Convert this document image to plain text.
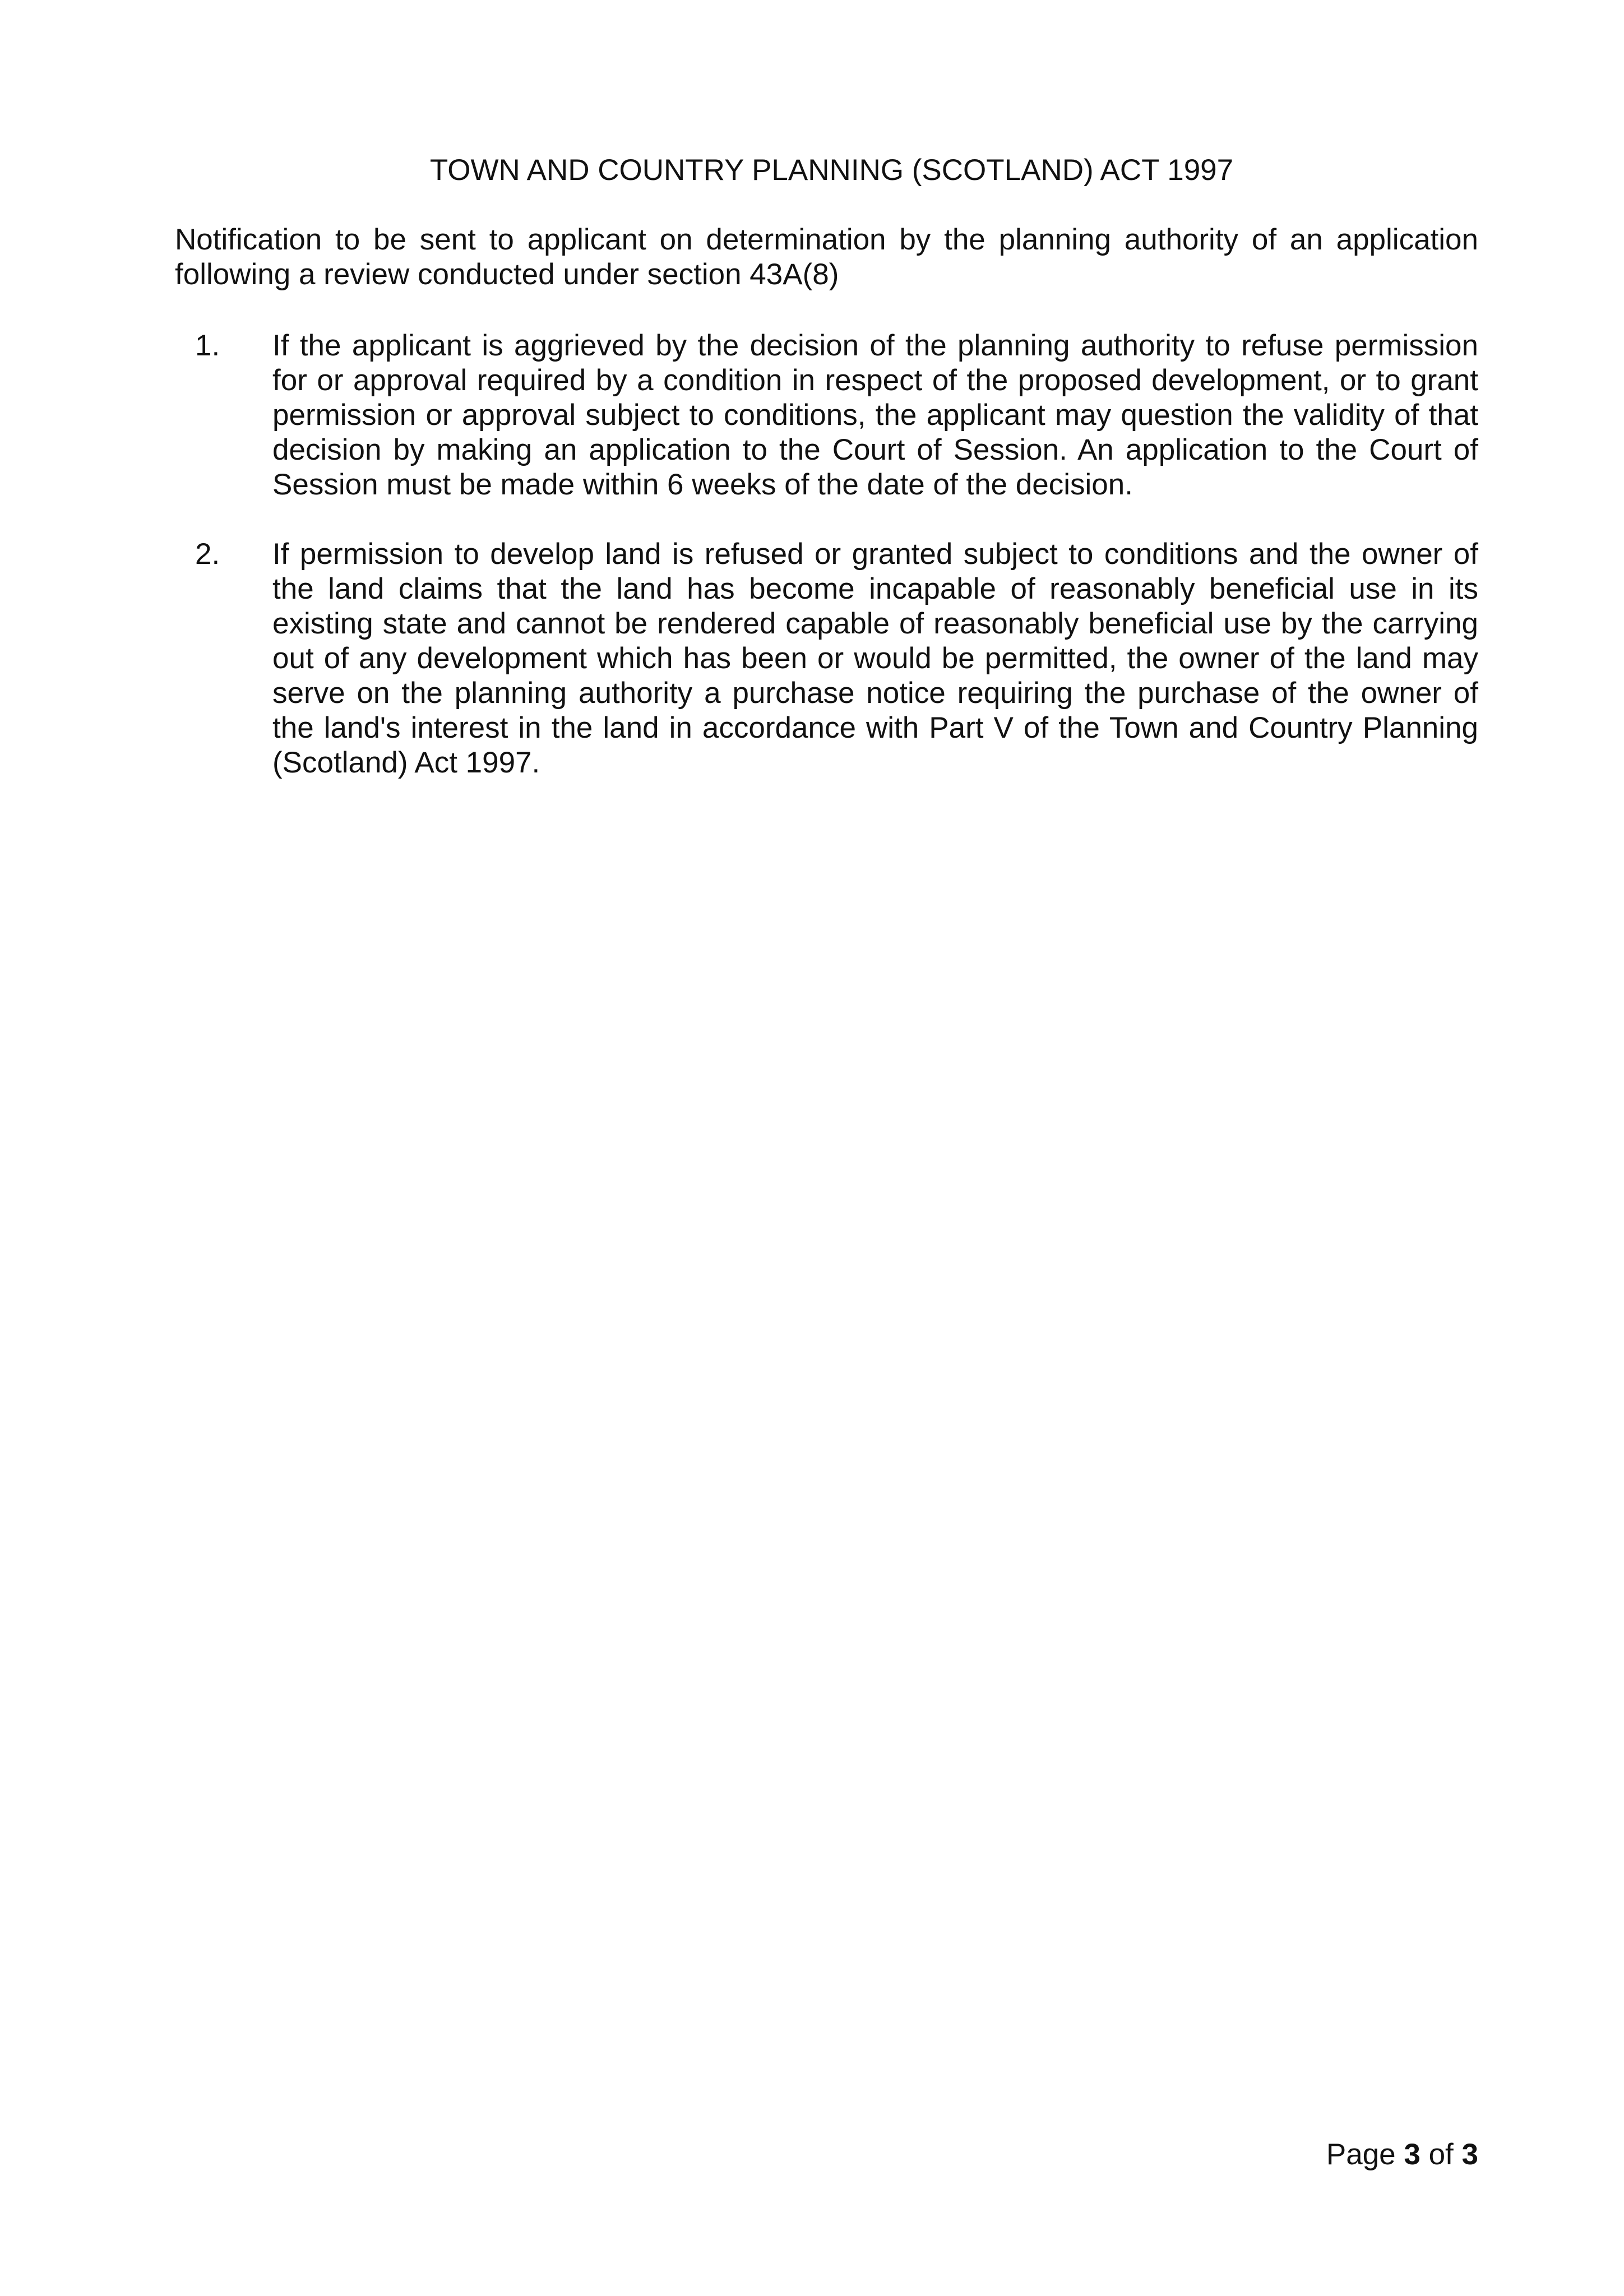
TOWN AND COUNTRY PLANNING (SCOTLAND) ACT 1997

Notification to be sent to applicant on determination by the planning authority of an application following a review conducted under section 43A(8)

1. If the applicant is aggrieved by the decision of the planning authority to refuse permission for or approval required by a condition in respect of the proposed development, or to grant permission or approval subject to conditions, the applicant may question the validity of that decision by making an application to the Court of Session. An application to the Court of Session must be made within 6 weeks of the date of the decision.
2. If permission to develop land is refused or granted subject to conditions and the owner of the land claims that the land has become incapable of reasonably beneficial use in its existing state and cannot be rendered capable of reasonably beneficial use by the carrying out of any development which has been or would be permitted, the owner of the land may serve on the planning authority a purchase notice requiring the purchase of the owner of the land's interest in the land in accordance with Part V of the Town and Country Planning (Scotland) Act 1997.

Page 3 of 3
